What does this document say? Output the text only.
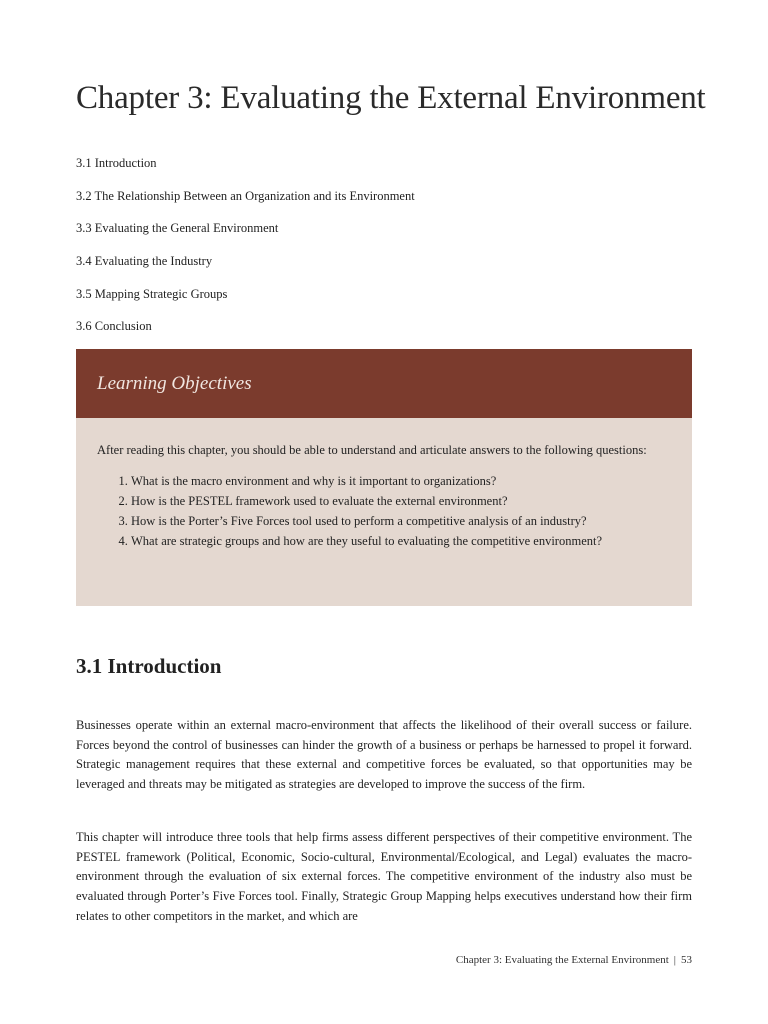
Chapter 3: Evaluating the External Environment
3.1 Introduction
3.2 The Relationship Between an Organization and its Environment
3.3 Evaluating the General Environment
3.4 Evaluating the Industry
3.5 Mapping Strategic Groups
3.6 Conclusion
Learning Objectives

After reading this chapter, you should be able to understand and articulate answers to the following questions:

1. What is the macro environment and why is it important to organizations?
2. How is the PESTEL framework used to evaluate the external environment?
3. How is the Porter’s Five Forces tool used to perform a competitive analysis of an industry?
4. What are strategic groups and how are they useful to evaluating the competitive environment?
3.1 Introduction

Businesses operate within an external macro-environment that affects the likelihood of their overall success or failure. Forces beyond the control of businesses can hinder the growth of a business or perhaps be harnessed to propel it forward. Strategic management requires that these external and competitive forces be evaluated, so that opportunities may be leveraged and threats may be mitigated as strategies are developed to improve the success of the firm.

This chapter will introduce three tools that help firms assess different perspectives of their competitive environment. The PESTEL framework (Political, Economic, Socio-cultural, Environmental/Ecological, and Legal) evaluates the macro-environment through the evaluation of six external forces. The competitive environment of the industry also must be evaluated through Porter’s Five Forces tool. Finally, Strategic Group Mapping helps executives understand how their firm relates to other competitors in the market, and which are

Chapter 3: Evaluating the External Environment | 53
